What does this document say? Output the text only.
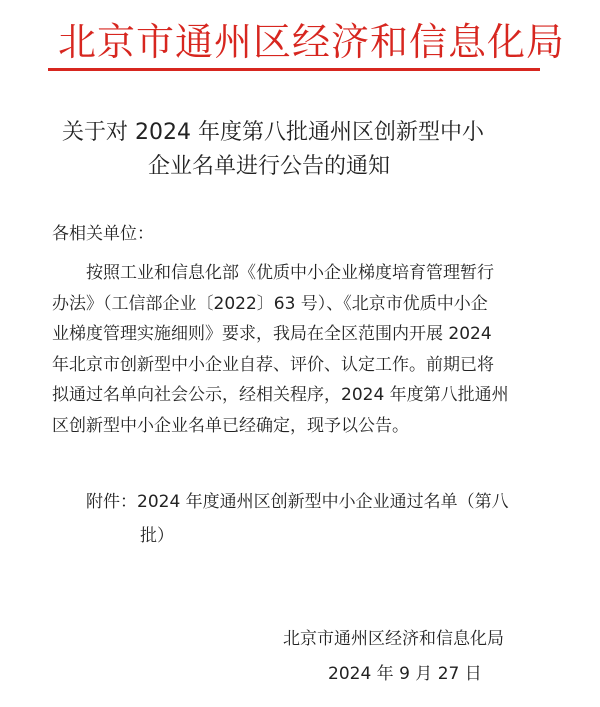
北京市通州区经济和信息化局
关于对 2024 年度第八批通州区创新型中小
企业名单进行公告的通知
各相关单位：
按照工业和信息化部《优质中小企业梯度培育管理暂行
办法》（工信部企业〔2022〕63 号）、《北京市优质中小企
业梯度管理实施细则》要求，我局在全区范围内开展 2024
年北京市创新型中小企业自荐、评价、认定工作。前期已将
拟通过名单向社会公示，经相关程序，2024 年度第八批通州
区创新型中小企业名单已经确定，现予以公告。
附件：2024 年度通州区创新型中小企业通过名单（第八
批）
北京市通州区经济和信息化局
2024 年 9 月 27 日
